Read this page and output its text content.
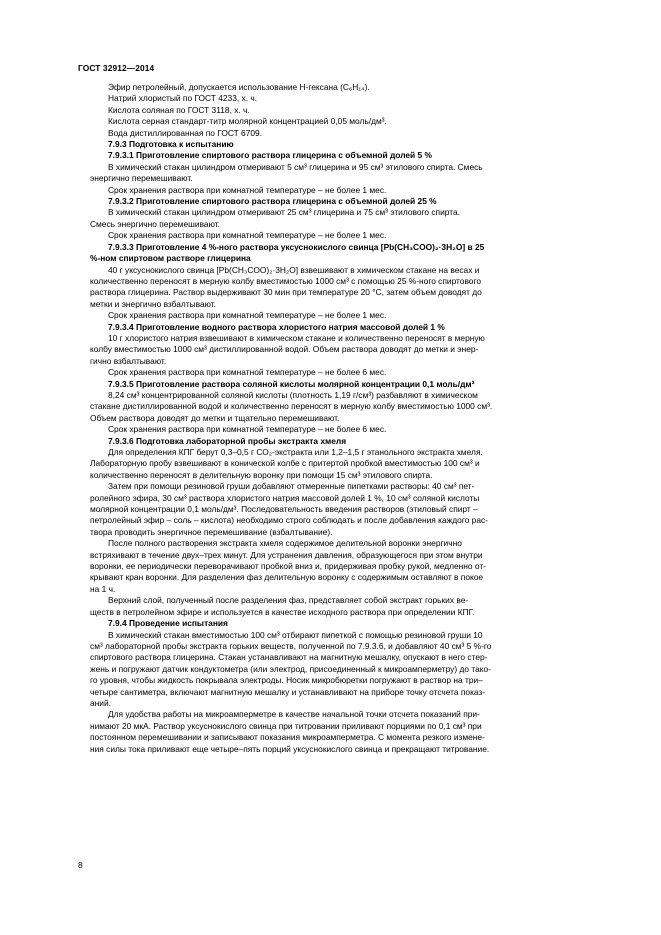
ГОСТ 32912—2014

Эфир петролейный, допускается использование Н-гексана (С₆Н₁₄).

Натрий хлористый по ГОСТ 4233, х. ч.

Кислота соляная по ГОСТ 3118, х. ч.

Кислота серная стандарт-титр молярной концентрацией 0,05 моль/дм³.

Вода дистиллированная по ГОСТ 6709.

7.9.3 Подготовка к испытанию

7.9.3.1 Приготовление спиртового раствора глицерина с объемной долей 5 %

В химический стакан цилиндром отмеривают 5 см³ глицерина и 95 см³ этилового спирта. Смесь

энергично перемешивают.

Срок хранения раствора при комнатной температуре – не более 1 мес.

7.9.3.2 Приготовление спиртового раствора глицерина с объемной долей 25 %

В химический стакан цилиндром отмеривают 25 см³ глицерина и 75 см³ этилового спирта.

Смесь энергично перемешивают.

Срок хранения раствора при комнатной температуре – не более 1 мес.

7.9.3.3 Приготовление 4 %-ного раствора уксуснокислого свинца [Pb(CH₃COO)₂·3H₂O] в 25

%-ном спиртовом растворе глицерина

40 г уксуснокислого свинца [Pb(CH₃COO)₂·3H₂O] взвешивают в химическом стакане на весах и

количественно переносят в мерную колбу вместимостью 1000 см³ с помощью 25 %-ного спиртового

раствора глицерина. Раствор выдерживают 30 мин при температуре 20 °С, затем объем доводят до

метки и энергично взбалтывают.

Срок хранения раствора при комнатной температуре – не более 1 мес.

7.9.3.4 Приготовление водного раствора хлористого натрия массовой долей 1 %

10 г хлористого натрия взвешивают в химическом стакане и количественно переносят в мерную

колбу вместимостью 1000 см³ дистиллированной водой. Объем раствора доводят до метки и энер-

гично взбалтывают.

Срок хранения раствора при комнатной температуре – не более 6 мес.

7.9.3.5 Приготовление раствора соляной кислоты молярной концентрации 0,1 моль/дм³

8,24 см³ концентрированной соляной кислоты (плотность 1,19 г/см³) разбавляют в химическом

стакане дистиллированной водой и количественно переносят в мерную колбу вместимостью 1000 см³.

Объем раствора доводят до метки и тщательно перемешивают.

Срок хранения раствора при комнатной температуре – не более 6 мес.

7.9.3.6 Подготовка лабораторной пробы экстракта хмеля

Для определения КПГ берут 0,3–0,5 г СО₂-экстракта или 1,2–1,5 г этанольного экстракта хмеля.

Лабораторную пробу взвешивают в конической колбе с притертой пробкой вместимостью 100 см³ и

количественно переносят в делительную воронку при помощи 15 см³ этилового спирта.

Затем при помощи резиновой груши добавляют отмеренные пипетками растворы: 40 см³ пет-

ролейного эфира, 30 см³ раствора хлористого натрия массовой долей 1 %, 10 см³ соляной кислоты

молярной концентрации 0,1 моль/дм³. Последовательность введения растворов (этиловый спирт –

петролейный эфир – соль – кислота) необходимо строго соблюдать и после добавления каждого рас-

твора проводить энергичное перемешивание (взбалтывание).

После полного растворения экстракта хмеля содержимое делительной воронки энергично

встряхивают в течение двух–трех минут. Для устранения давления, образующегося при этом внутри

воронки, ее периодически переворачивают пробкой вниз и, придерживая пробку рукой, медленно от-

крывают кран воронки. Для разделения фаз делительную воронку с содержимым оставляют в покое

на 1 ч.

Верхний слой, полученный после разделения фаз, представляет собой экстракт горьких ве-

ществ в петролейном эфире и используется в качестве исходного раствора при определении КПГ.

7.9.4 Проведение испытания

В химический стакан вместимостью 100 см³ отбирают пипеткой с помощью резиновой груши 10

см³ лабораторной пробы экстракта горьких веществ, полученной по 7.9.3.6, и добавляют 40 см³ 5 %-го

спиртового раствора глицерина. Стакан устанавливают на магнитную мешалку, опускают в него стер-

жень и погружают датчик кондуктометра (или электрод, присоединенный к микроамперметру) до тако-

го уровня, чтобы жидкость покрывала электроды. Носик микробюретки погружают в раствор на три–

четыре сантиметра, включают магнитную мешалку и устанавливают на приборе точку отсчета показ-

аний.

Для удобства работы на микроамперметре в качестве начальной точки отсчета показаний при-

нимают 20 мкА. Раствор уксуснокислого свинца при титровании приливают порциями по 0,1 см³ при

постоянном перемешивании и записывают показания микроамперметра. С момента резкого измене-

ния силы тока приливают еще четыре–пять порций уксуснокислого свинца и прекращают титрование.

8
